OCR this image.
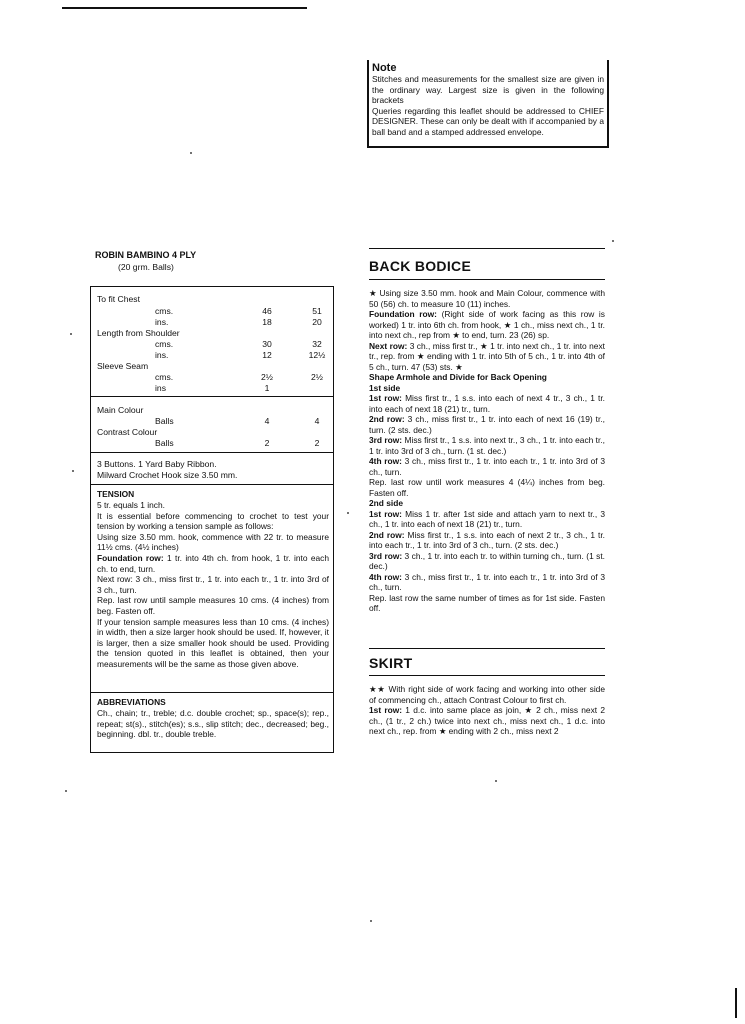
Note
Stitches and measurements for the smallest size are given in the ordinary way. Largest size is given in the following brackets
Queries regarding this leaflet should be addressed to CHIEF DESIGNER. These can only be dealt with if accompanied by a ball band and a stamped addressed envelope.
ROBIN BAMBINO 4 PLY
(20 grm. Balls)
To fit Chest
cms.	46	51
ins.	18	20
Length from Shoulder
cms.	30	32
ins.	12	12½
Sleeve Seam
cms.	2½	2½
ins	1
Main Colour
Balls	4	4
Contrast Colour
Balls	2	2
3 Buttons. 1 Yard Baby Ribbon.
Milward Crochet Hook size 3.50 mm.
TENSION
5 tr. equals 1 inch.
It is essential before commencing to crochet to test your tension by working a tension sample as follows:
Using size 3.50 mm. hook, commence with 22 tr. to measure 11½ cms. (4½ inches)
Foundation row: 1 tr. into 4th ch. from hook, 1 tr. into each ch. to end, turn.
Next row: 3 ch., miss first tr., 1 tr. into each tr., 1 tr. into 3rd of 3 ch., turn.
Rep. last row until sample measures 10 cms. (4 inches) from beg. Fasten off.
If your tension sample measures less than 10 cms. (4 inches) in width, then a size larger hook should be used. If, however, it is larger, then a size smaller hook should be used. Providing the tension quoted in this leaflet is obtained, then your measurements will be the same as those given above.
ABBREVIATIONS
Ch., chain; tr., treble; d.c. double crochet; sp., space(s); rep., repeat; st(s)., stitch(es); s.s., slip stitch; dec., decreased; beg., beginning. dbl. tr., double treble.
BACK BODICE

★ Using size 3.50 mm. hook and Main Colour, commence with 50 (56) ch. to measure 10 (11) inches.

Foundation row: (Right side of work facing as this row is worked) 1 tr. into 6th ch. from hook, ★ 1 ch., miss next ch., 1 tr. into next ch., rep from ★ to end, turn. 23 (26) sp.

Next row: 3 ch., miss first tr., ★ 1 tr. into next ch., 1 tr. into next tr., rep. from ★ ending with 1 tr. into 5th of 5 ch., 1 tr. into 4th of 5 ch., turn. 47 (53) sts. ★

Shape Armhole and Divide for Back Opening

1st side

1st row: Miss first tr., 1 s.s. into each of next 4 tr., 3 ch., 1 tr. into each of next 18 (21) tr., turn.

2nd row: 3 ch., miss first tr., 1 tr. into each of next 16 (19) tr., turn. (2 sts. dec.)

3rd row: Miss first tr., 1 s.s. into next tr., 3 ch., 1 tr. into each tr., 1 tr. into 3rd of 3 ch., turn. (1 st. dec.)

4th row: 3 ch., miss first tr., 1 tr. into each tr., 1 tr. into 3rd of 3 ch., turn.

Rep. last row until work measures 4 (4¼) inches from beg. Fasten off.

2nd side

1st row: Miss 1 tr. after 1st side and attach yarn to next tr., 3 ch., 1 tr. into each of next 18 (21) tr., turn.

2nd row: Miss first tr., 1 s.s. into each of next 2 tr., 3 ch., 1 tr. into each tr., 1 tr. into 3rd of 3 ch., turn. (2 sts. dec.)

3rd row: 3 ch., 1 tr. into each tr. to within turning ch., turn. (1 st. dec.)

4th row: 3 ch., miss first tr., 1 tr. into each tr., 1 tr. into 3rd of 3 ch., turn.

Rep. last row the same number of times as for 1st side. Fasten off.

SKIRT

★★ With right side of work facing and working into other side of commencing ch., attach Contrast Colour to first ch.

1st row: 1 d.c. into same place as join, ★ 2 ch., miss next 2 ch., (1 tr., 2 ch.) twice into next ch., miss next ch., 1 d.c. into next ch., rep. from ★ ending with 2 ch., miss next 2
